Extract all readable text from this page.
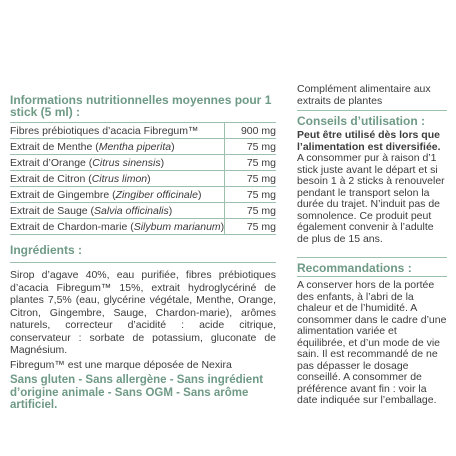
Informations nutritionnelles moyennes pour 1 stick (5 ml) :
Fibres prébiotiques d’acacia Fibregum™	900 mg
Extrait de Menthe (Mentha piperita)	75 mg
Extrait d’Orange (Citrus sinensis)	75 mg
Extrait de Citron (Citrus limon)	75 mg
Extrait de Gingembre (Zingiber officinale)	75 mg
Extrait de Sauge (Salvia officinalis)	75 mg
Extrait de Chardon-marie (Silybum marianum)	75 mg
Ingrédients :

Sirop d’agave 40%, eau purifiée, fibres prébiotiques d’acacia Fibregum™ 15%, extrait hydroglycériné de plantes 7,5% (eau, glycérine végétale, Menthe, Orange, Citron, Gingembre, Sauge, Chardon-marie), arômes naturels, correcteur d’acidité : acide citrique, conservateur : sorbate de potassium, gluconate de Magnésium.

Fibregum™ est une marque déposée de Nexira

Sans gluten - Sans allergène - Sans ingrédient d’origine animale - Sans OGM - Sans arôme artificiel.

Complément alimentaire aux extraits de plantes

Conseils d’utilisation :

Peut être utilisé dès lors que l’alimentation est diversifiée.

A consommer pur à raison d’1 stick juste avant le départ et si besoin 1 à 2 sticks à renouveler pendant le transport selon la durée du trajet. N’induit pas de somnolence. Ce produit peut également convenir à l’adulte de plus de 15 ans.

Recommandations :

A conserver hors de la portée des enfants, à l’abri de la chaleur et de l’humidité. A consommer dans le cadre d’une alimentation variée et équilibrée, et d’un mode de vie sain. Il est recommandé de ne pas dépasser le dosage conseillé. A consommer de préférence avant fin : voir la date indiquée sur l’emballage.
